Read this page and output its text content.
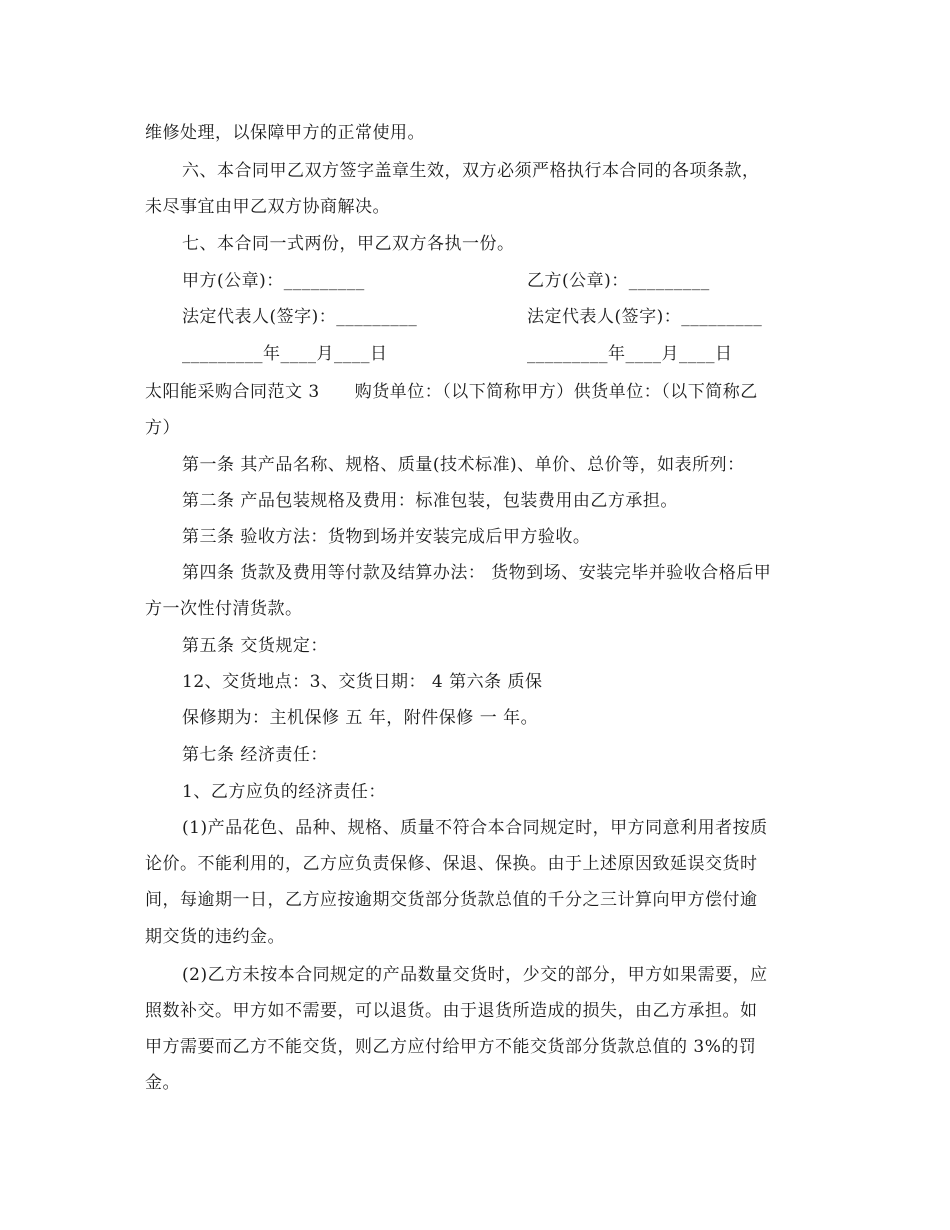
维修处理，以保障甲方的正常使用。
六、本合同甲乙双方签字盖章生效，双方必须严格执行本合同的各项条款，
未尽事宜由甲乙双方协商解决。
七、本合同一式两份，甲乙双方各执一份。
甲方(公章)：_________	乙方(公章)：_________
法定代表人(签字)：_________	法定代表人(签字)：_________
_________年____月____日	_________年____月____日
太阳能采购合同范文 3　　购货单位：（以下简称甲方）供货单位：（以下简称乙
方）
第一条 其产品名称、规格、质量(技术标准)、单价、总价等，如表所列：
第二条 产品包装规格及费用：标准包装，包装费用由乙方承担。
第三条 验收方法：货物到场并安装完成后甲方验收。
第四条 货款及费用等付款及结算办法： 货物到场、安装完毕并验收合格后甲
方一次性付清货款。
第五条 交货规定：
12、交货地点：3、交货日期： 4 第六条 质保
保修期为：主机保修 五 年，附件保修 一 年。
第七条 经济责任：
1、乙方应负的经济责任：
(1)产品花色、品种、规格、质量不符合本合同规定时，甲方同意利用者按质
论价。不能利用的，乙方应负责保修、保退、保换。由于上述原因致延误交货时
间，每逾期一日，乙方应按逾期交货部分货款总值的千分之三计算向甲方偿付逾
期交货的违约金。
(2)乙方未按本合同规定的产品数量交货时，少交的部分，甲方如果需要，应
照数补交。甲方如不需要，可以退货。由于退货所造成的损失，由乙方承担。如
甲方需要而乙方不能交货，则乙方应付给甲方不能交货部分货款总值的 3%的罚
金。
